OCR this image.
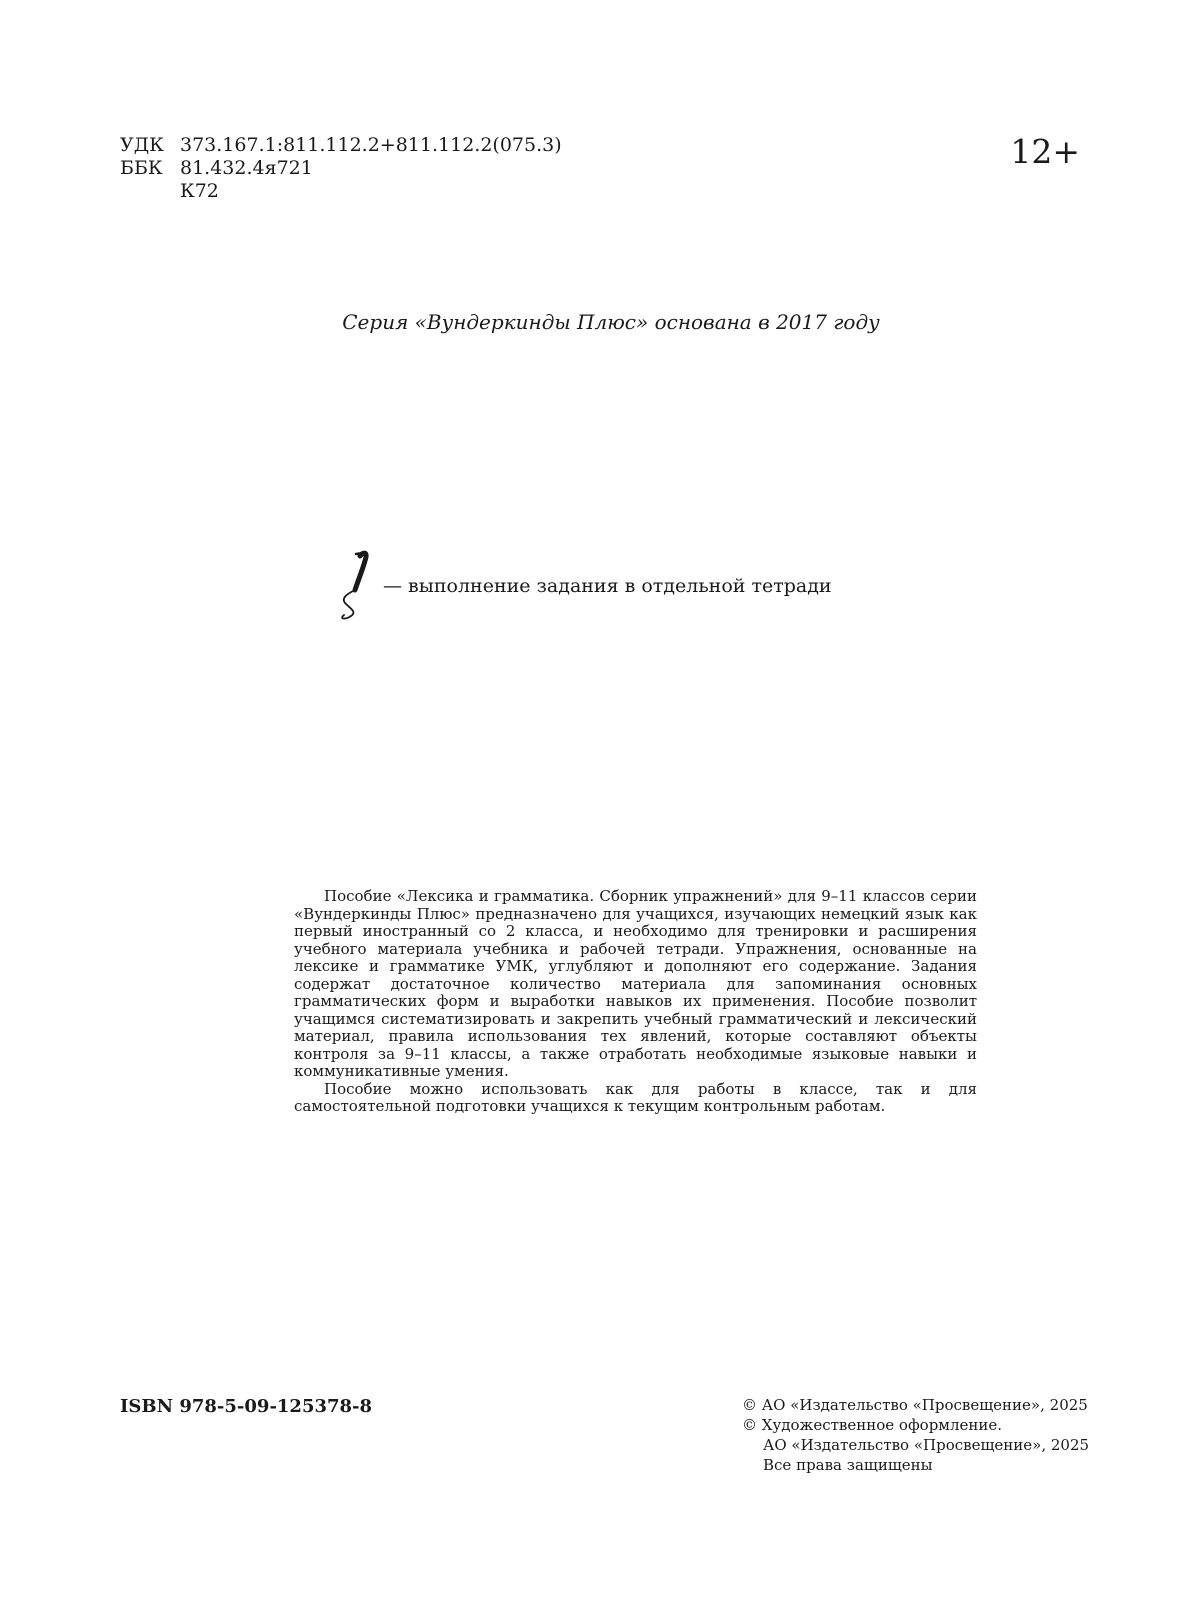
УДК 373.167.1:811.112.2+811.112.2(075.3)
ББК 81.432.4я721
К72
12+
Серия «Вундеркинды Плюс» основана в 2017 году
— выполнение задания в отдельной тетради

Пособие «Лексика и грамматика. Сборник упражнений» для 9–11 классов серии «Вундеркинды Плюс» предназначено для учащихся, изучающих немецкий язык как первый иностранный со 2 класса, и необходимо для тренировки и расширения учебного материала учебника и рабочей тетради. Упражнения, основанные на лексике и грамматике УМК, углубляют и дополняют его содержание. Задания содержат достаточное количество материала для запоминания основных грамматических форм и выработки навыков их применения. Пособие позволит учащимся систематизировать и закрепить учебный грамматический и лексический материал, правила использования тех явлений, которые составляют объекты контроля за 9–11 классы, а также отработать необходимые языковые навыки и коммуникативные умения.

Пособие можно использовать как для работы в классе, так и для самостоятельной подготовки учащихся к текущим контрольным работам.

ISBN 978-5-09-125378-8	© АО «Издательство «Просвещение», 2025
© Художественное оформление.
АО «Издательство «Просвещение», 2025
Все права защищены
